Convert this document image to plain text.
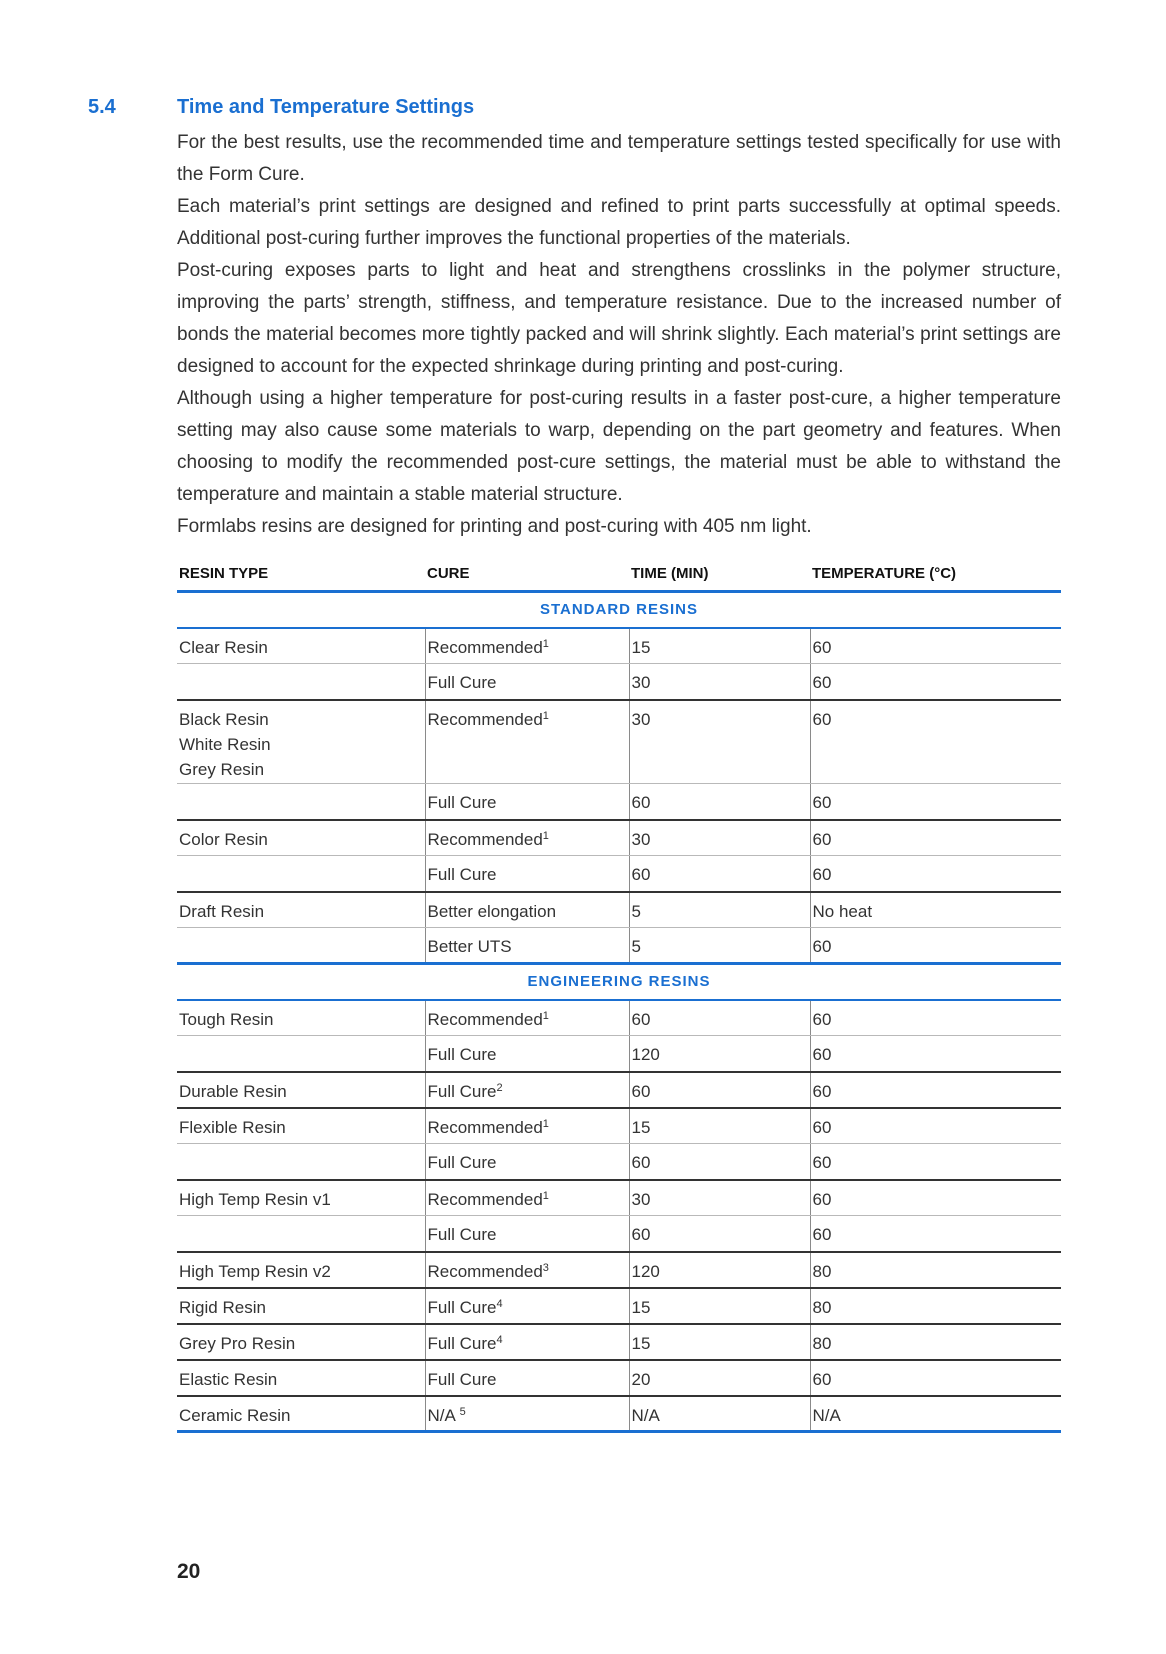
5.4	Time and Temperature Settings

For the best results, use the recommended time and temperature settings tested specifically for use with the Form Cure.

Each material’s print settings are designed and refined to print parts successfully at optimal speeds. Additional post-curing further improves the functional properties of the materials.

Post-curing exposes parts to light and heat and strengthens crosslinks in the polymer structure, improving the parts’ strength, stiffness, and temperature resistance. Due to the increased number of bonds the material becomes more tightly packed and will shrink slightly. Each material’s print settings are designed to account for the expected shrinkage during printing and post-curing.

Although using a higher temperature for post-curing results in a faster post-cure, a higher temperature setting may also cause some materials to warp, depending on the part geometry and features. When choosing to modify the recommended post-cure settings, the material must be able to withstand the temperature and maintain a stable material structure.

Formlabs resins are designed for printing and post-curing with 405 nm light.

RESIN TYPE	CURE	TIME (MIN)	TEMPERATURE (°C)
STANDARD RESINS			
Clear Resin	Recommended$^1$	15	60
	Full Cure	30	60

Black Resin
White Resin
Grey Resin	Recommended$^1$	30	60
	Full Cure	60	60
Color Resin	Recommended$^1$	30	60
	Full Cure	60	60
Draft Resin	Better elongation	5	No heat
	Better UTS	5	60
ENGINEERING RESINS			
Tough Resin	Recommended$^1$	60	60
	Full Cure	120	60
Durable Resin	Full Cure$^2$	60	60
Flexible Resin	Recommended$^1$	15	60
	Full Cure	60	60
High Temp Resin v1	Recommended$^1$	30	60
	Full Cure	60	60
High Temp Resin v2	Recommended$^3$	120	80
Rigid Resin	Full Cure$^4$	15	80
Grey Pro Resin	Full Cure$^4$	15	80
Elastic Resin	Full Cure	20	60
Ceramic Resin	N/A $^5$	N/A	N/A
20
